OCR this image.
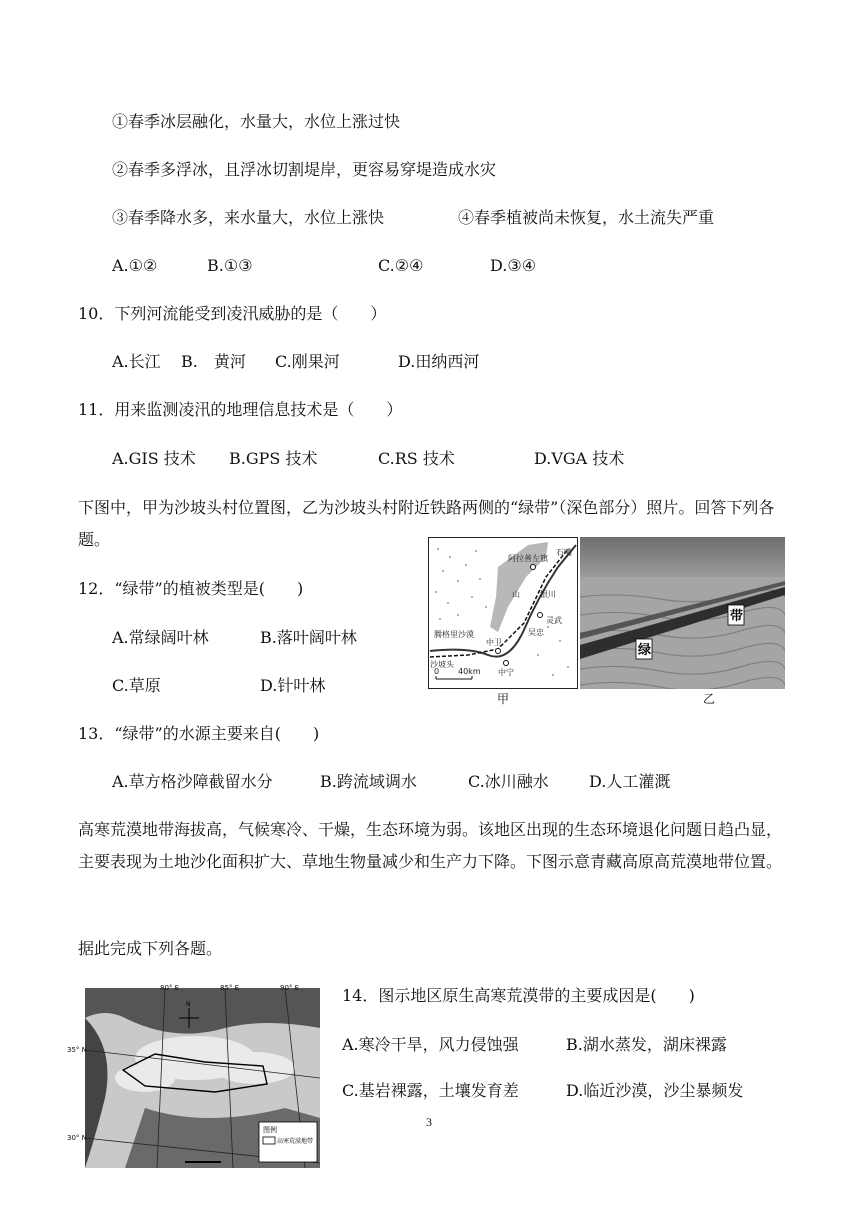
①春季冰层融化，水量大，水位上涨过快
②春季多浮冰，且浮冰切割堤岸，更容易穿堤造成水灾
③春季降水多，来水量大，水位上涨快	④春季植被尚未恢复，水土流失严重
A.①②	B.①③	C.②④	D.③④
10．下列河流能受到凌汛威胁的是（　　）
A.长江 B.　黄河 C.刚果河	D.田纳西河
11．用来监测凌汛的地理信息技术是（　　）
A.GIS 技术 B.GPS 技术	C.RS 技术	D.VGA 技术
下图中，甲为沙坡头村位置图，乙为沙坡头村附近铁路两侧的“绿带”（深色部分）照片。回答下列各题。
12．“绿带”的植被类型是(　　)
A.常绿阔叶林	B.落叶阔叶林
C.草原	D.针叶林
阿拉善左旗
腾格里沙漠
沙坡头
中卫
中宁
银川
吴忠
灵武
山
石嘴
0 40km
甲
带
绿
乙
13．“绿带”的水源主要来自(　　)
A.草方格沙障截留水分	B.跨流域调水	C.冰川融水	D.人工灌溉
高寒荒漠地带海拔高，气候寒冷、干燥，生态环境为弱。该地区出现的生态环境退化问题日趋凸显，主要表现为土地沙化面积扩大、草地生物量减少和生产力下降。下图示意青藏高原高荒漠地带位置。
据此完成下列各题。
N
图例
高寒荒漠地带
80° E	85° E	90° E
35° N
30° N
14．图示地区原生高寒荒漠带的主要成因是(　　)
A.寒冷干旱，风力侵蚀强	B.湖水蒸发，湖床裸露
C.基岩裸露，土壤发育差	D.临近沙漠，沙尘暴频发
3
